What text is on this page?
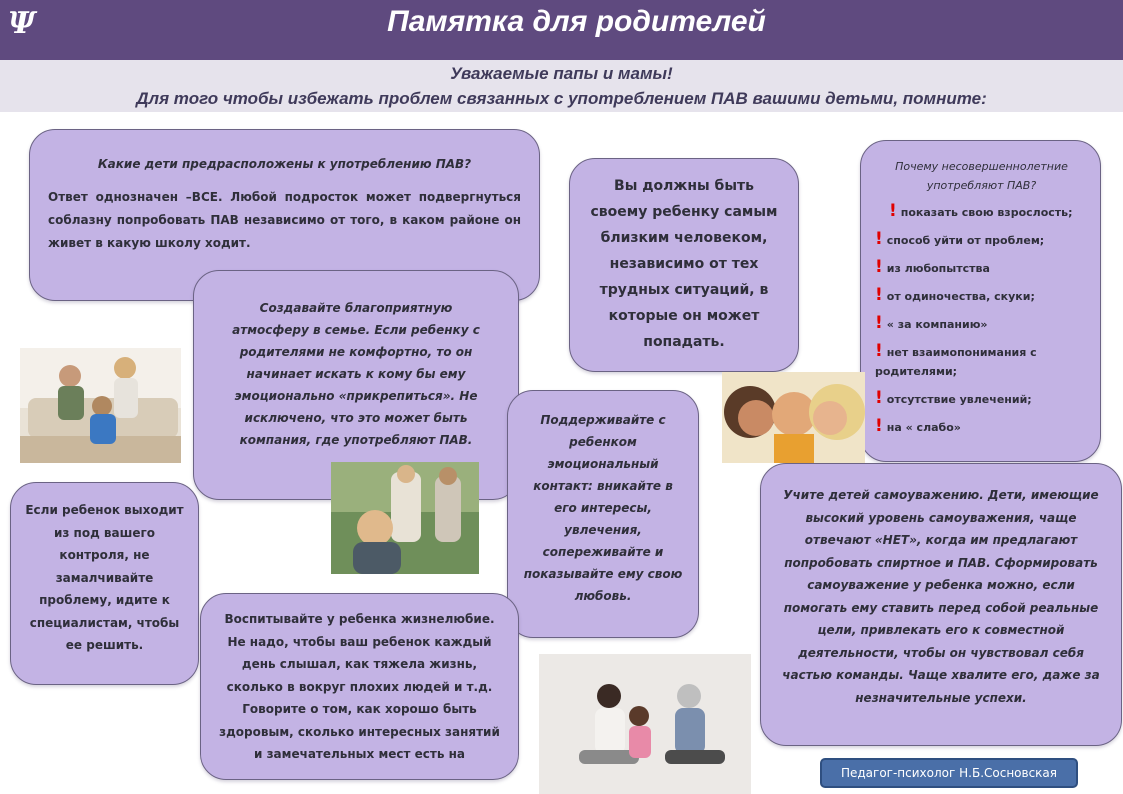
Ψ	Памятка для родителей
Уважаемые папы и мамы!
Для того чтобы избежать проблем связанных с употреблением ПАВ вашими детьми, помните:
Какие дети предрасположены к употреблению ПАВ?
Ответ однозначен –ВСЕ. Любой подросток может подвергнуться соблазну попробовать ПАВ независимо от того, в каком районе он живет в какую школу ходит.
Создавайте благоприятную атмосферу в семье. Если ребенку с родителями не комфортно, то он начинает искать к кому бы ему эмоционально «прикрепиться». Не исключено, что это может быть компания, где употребляют ПАВ.
Вы должны быть своему ребенку самым близким человеком, независимо от тех трудных ситуаций, в которые он может попадать.
Почему несовершеннолетние употребляют ПАВ?
! показать свою взрослость;
! способ уйти от проблем;
! из любопытства
! от одиночества, скуки;
! « за компанию»
! нет взаимопонимания с родителями;
! отсутствие увлечений;
! на « слабо»
Поддерживайте с ребенком эмоциональный контакт: вникайте в его интересы, увлечения, сопереживайте и показывайте ему свою любовь.
Если ребенок выходит из под вашего контроля, не замалчивайте проблему, идите к специалистам, чтобы ее решить.
Воспитывайте у ребенка жизнелюбие. Не надо, чтобы ваш ребенок каждый день слышал, как тяжела жизнь, сколько в вокруг плохих людей и т.д. Говорите о том, как хорошо быть здоровым, сколько интересных занятий и замечательных мест есть на
Учите детей самоуважению. Дети, имеющие высокий уровень самоуважения, чаще отвечают «НЕТ», когда им предлагают попробовать спиртное и ПАВ. Сформировать самоуважение у ребенка можно, если помогать ему ставить перед собой реальные цели, привлекать его к совместной деятельности, чтобы он чувствовал себя частью команды. Чаще хвалите его, даже за незначительные успехи.
Педагог-психолог Н.Б.Сосновская
